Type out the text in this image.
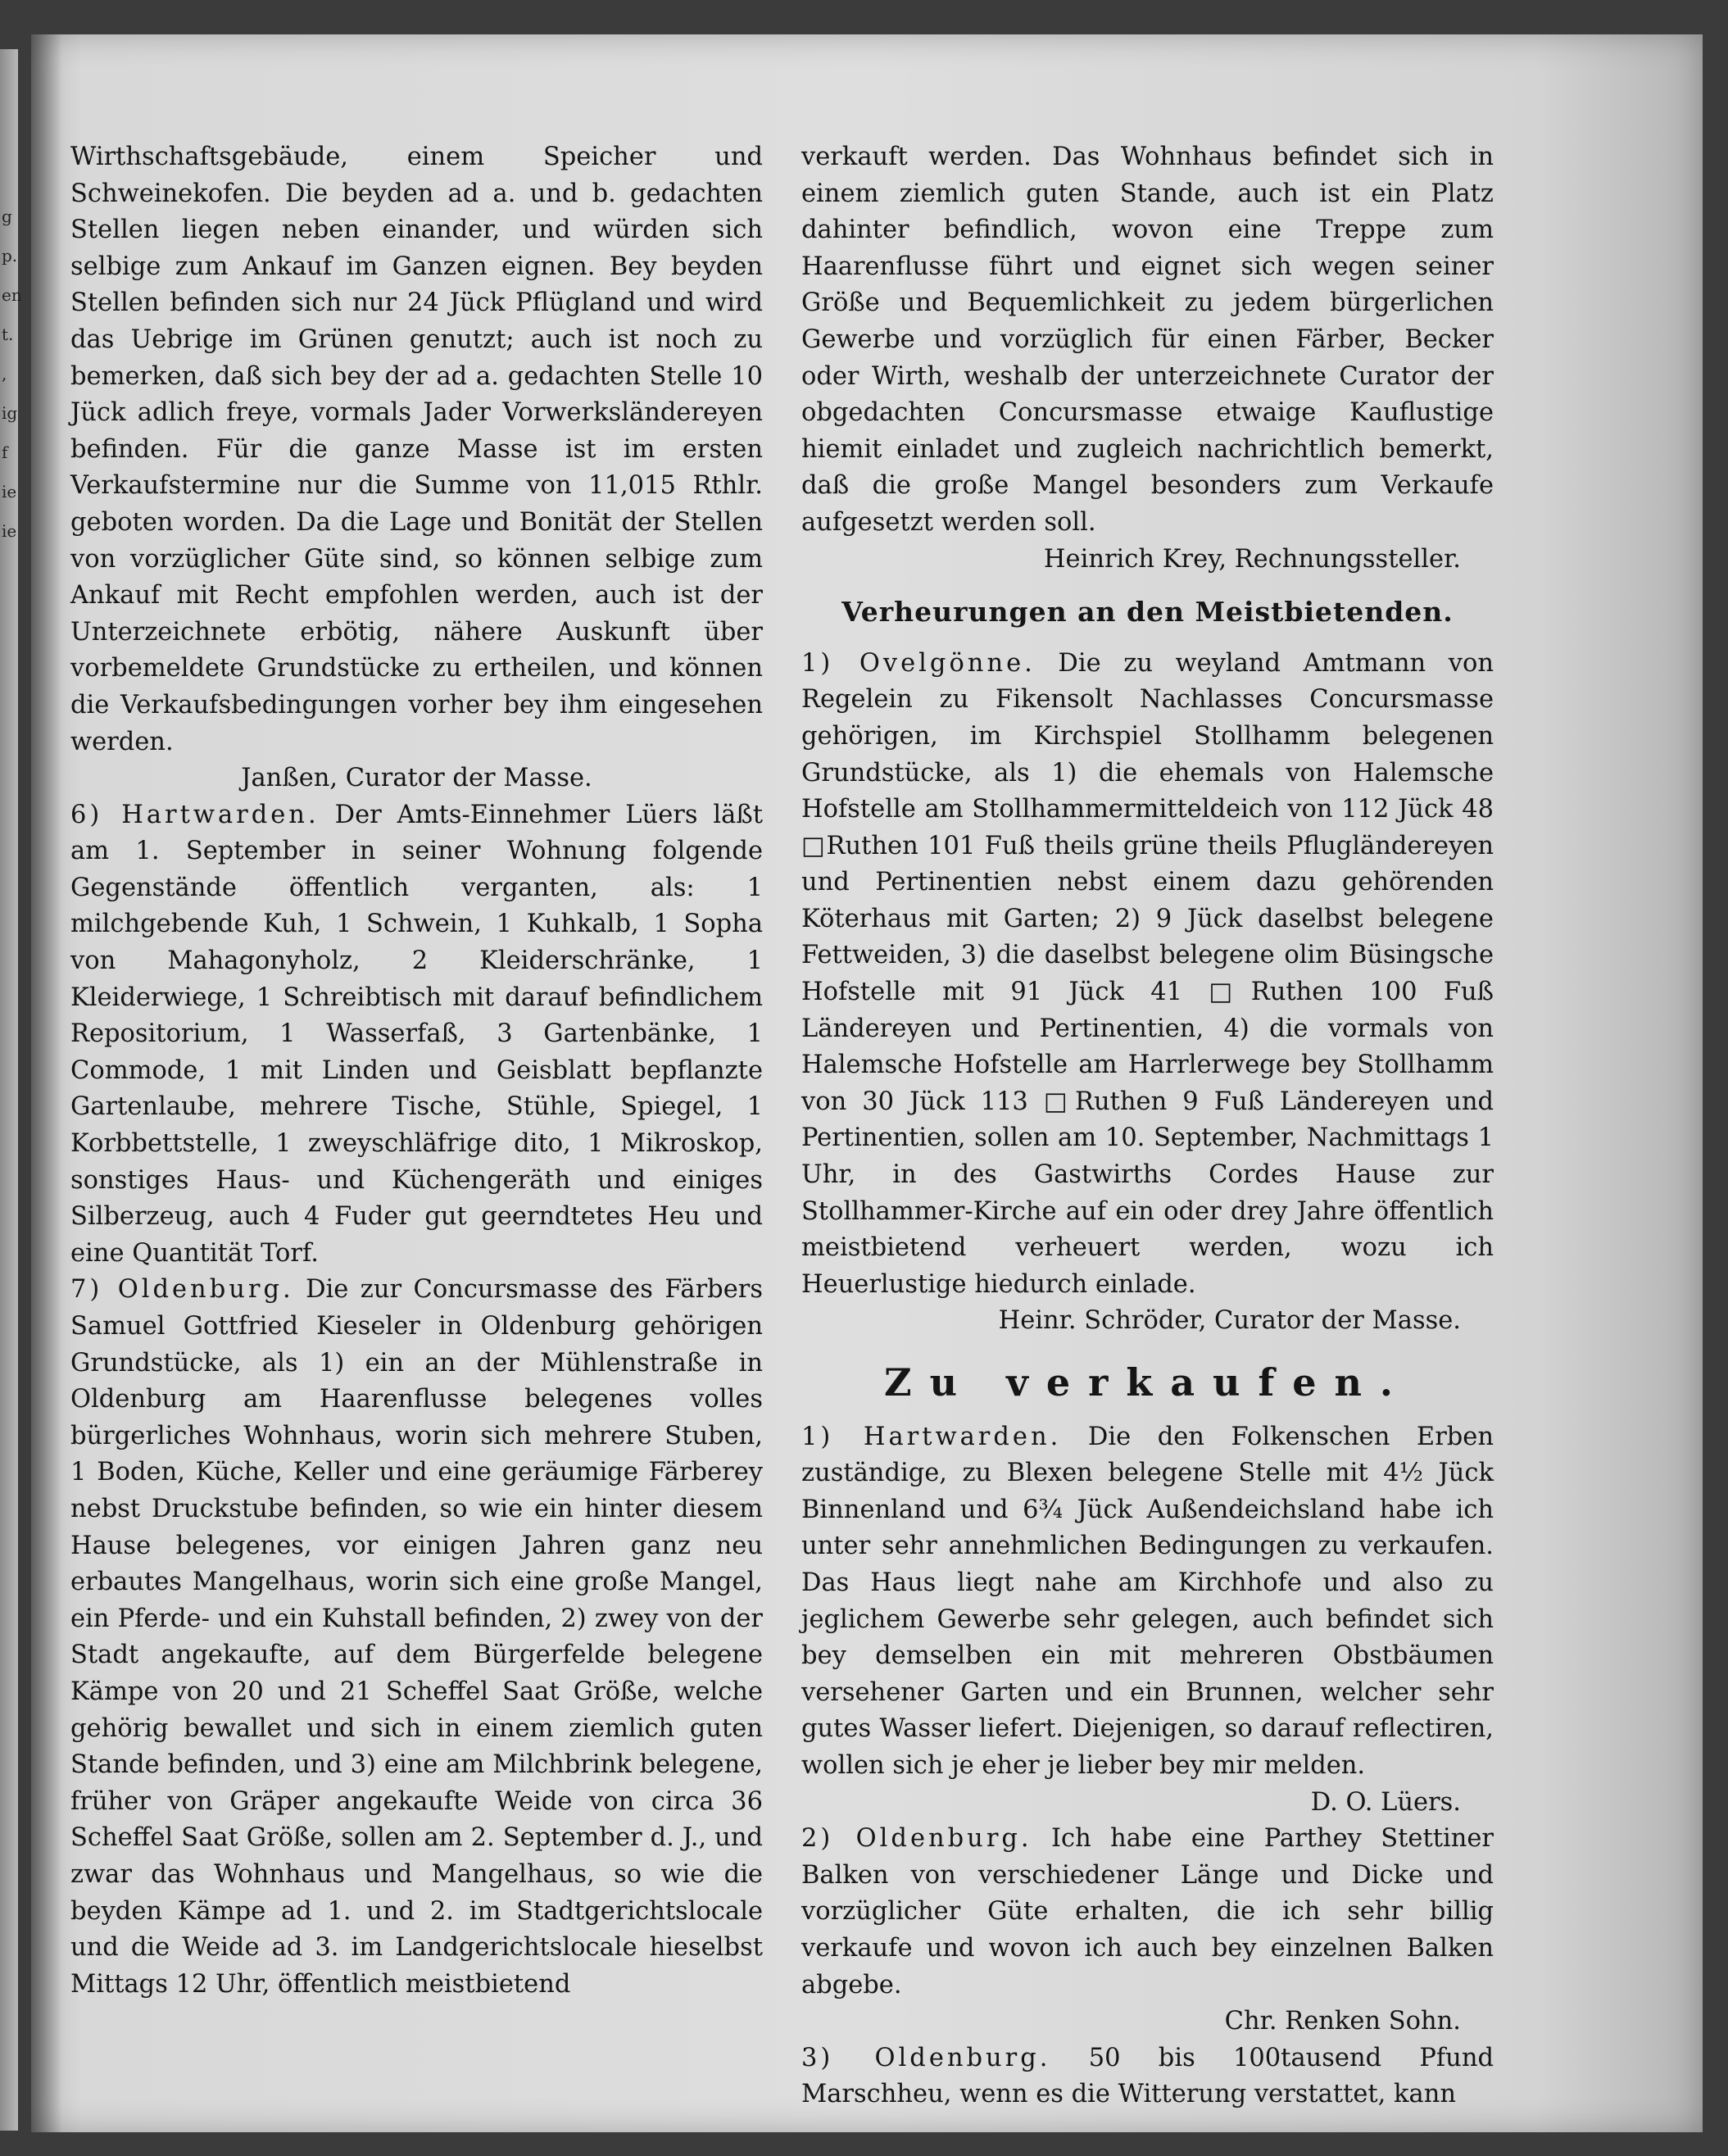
g
p.
en
t.
,
ig
f
ie
ie

Wirthschaftsgebäude, einem Speicher und Schweinekofen. Die beyden ad a. und b. gedachten Stellen liegen neben einander, und würden sich selbige zum Ankauf im Ganzen eignen. Bey beyden Stellen befinden sich nur 24 Jück Pflügland und wird das Uebrige im Grünen genutzt; auch ist noch zu bemerken, daß sich bey der ad a. gedachten Stelle 10 Jück adlich freye, vormals Jader Vorwerksländereyen befinden. Für die ganze Masse ist im ersten Verkaufstermine nur die Summe von 11,015 Rthlr. geboten worden. Da die Lage und Bonität der Stellen von vorzüglicher Güte sind, so können selbige zum Ankauf mit Recht empfohlen werden, auch ist der Unterzeichnete erbötig, nähere Auskunft über vorbemeldete Grundstücke zu ertheilen, und können die Verkaufsbedingungen vorher bey ihm eingesehen werden.

Janßen, Curator der Masse.

6) Hartwarden. Der Amts-Einnehmer Lüers läßt am 1. September in seiner Wohnung folgende Gegenstände öffentlich verganten, als: 1 milchgebende Kuh, 1 Schwein, 1 Kuhkalb, 1 Sopha von Mahagonyholz, 2 Kleiderschränke, 1 Kleiderwiege, 1 Schreibtisch mit darauf befindlichem Repositorium, 1 Wasserfaß, 3 Gartenbänke, 1 Commode, 1 mit Linden und Geisblatt bepflanzte Gartenlaube, mehrere Tische, Stühle, Spiegel, 1 Korbbettstelle, 1 zweyschläfrige dito, 1 Mikroskop, sonstiges Haus- und Küchengeräth und einiges Silberzeug, auch 4 Fuder gut geerndtetes Heu und eine Quantität Torf.

7) Oldenburg. Die zur Concursmasse des Färbers Samuel Gottfried Kieseler in Oldenburg gehörigen Grundstücke, als 1) ein an der Mühlenstraße in Oldenburg am Haarenflusse belegenes volles bürgerliches Wohnhaus, worin sich mehrere Stuben, 1 Boden, Küche, Keller und eine geräumige Färberey nebst Druckstube befinden, so wie ein hinter diesem Hause belegenes, vor einigen Jahren ganz neu erbautes Mangelhaus, worin sich eine große Mangel, ein Pferde- und ein Kuhstall befinden, 2) zwey von der Stadt angekaufte, auf dem Bürgerfelde belegene Kämpe von 20 und 21 Scheffel Saat Größe, welche gehörig bewallet und sich in einem ziemlich guten Stande befinden, und 3) eine am Milchbrink belegene, früher von Gräper angekaufte Weide von circa 36 Scheffel Saat Größe, sollen am 2. September d. J., und zwar das Wohnhaus und Mangelhaus, so wie die beyden Kämpe ad 1. und 2. im Stadtgerichtslocale und die Weide ad 3. im Landgerichtslocale hieselbst Mittags 12 Uhr, öffentlich meistbietend

verkauft werden. Das Wohnhaus befindet sich in einem ziemlich guten Stande, auch ist ein Platz dahinter befindlich, wovon eine Treppe zum Haarenflusse führt und eignet sich wegen seiner Größe und Bequemlichkeit zu jedem bürgerlichen Gewerbe und vorzüglich für einen Färber, Becker oder Wirth, weshalb der unterzeichnete Curator der obgedachten Concursmasse etwaige Kauflustige hiemit einladet und zugleich nachrichtlich bemerkt, daß die große Mangel besonders zum Verkaufe aufgesetzt werden soll.

Heinrich Krey, Rechnungssteller.

Verheurungen an den Meistbietenden.

1) Ovelgönne. Die zu weyland Amtmann von Regelein zu Fikensolt Nachlasses Concursmasse gehörigen, im Kirchspiel Stollhamm belegenen Grundstücke, als 1) die ehemals von Halemsche Hofstelle am Stollhammermitteldeich von 112 Jück 48 □Ruthen 101 Fuß theils grüne theils Pflugländereyen und Pertinentien nebst einem dazu gehörenden Köterhaus mit Garten; 2) 9 Jück daselbst belegene Fettweiden, 3) die daselbst belegene olim Büsingsche Hofstelle mit 91 Jück 41 □Ruthen 100 Fuß Ländereyen und Pertinentien, 4) die vormals von Halemsche Hofstelle am Harrlerwege bey Stollhamm von 30 Jück 113 □Ruthen 9 Fuß Ländereyen und Pertinentien, sollen am 10. September, Nachmittags 1 Uhr, in des Gastwirths Cordes Hause zur Stollhammer-Kirche auf ein oder drey Jahre öffentlich meistbietend verheuert werden, wozu ich Heuerlustige hiedurch einlade.

Heinr. Schröder, Curator der Masse.

Zu verkaufen.

1) Hartwarden. Die den Folkenschen Erben zuständige, zu Blexen belegene Stelle mit 4½ Jück Binnenland und 6¾ Jück Außendeichsland habe ich unter sehr annehmlichen Bedingungen zu verkaufen. Das Haus liegt nahe am Kirchhofe und also zu jeglichem Gewerbe sehr gelegen, auch befindet sich bey demselben ein mit mehreren Obstbäumen versehener Garten und ein Brunnen, welcher sehr gutes Wasser liefert. Diejenigen, so darauf reflectiren, wollen sich je eher je lieber bey mir melden.

D. O. Lüers.

2) Oldenburg. Ich habe eine Parthey Stettiner Balken von verschiedener Länge und Dicke und vorzüglicher Güte erhalten, die ich sehr billig verkaufe und wovon ich auch bey einzelnen Balken abgebe.

Chr. Renken Sohn.

3) Oldenburg. 50 bis 100tausend Pfund Marschheu, wenn es die Witterung verstattet, kann
